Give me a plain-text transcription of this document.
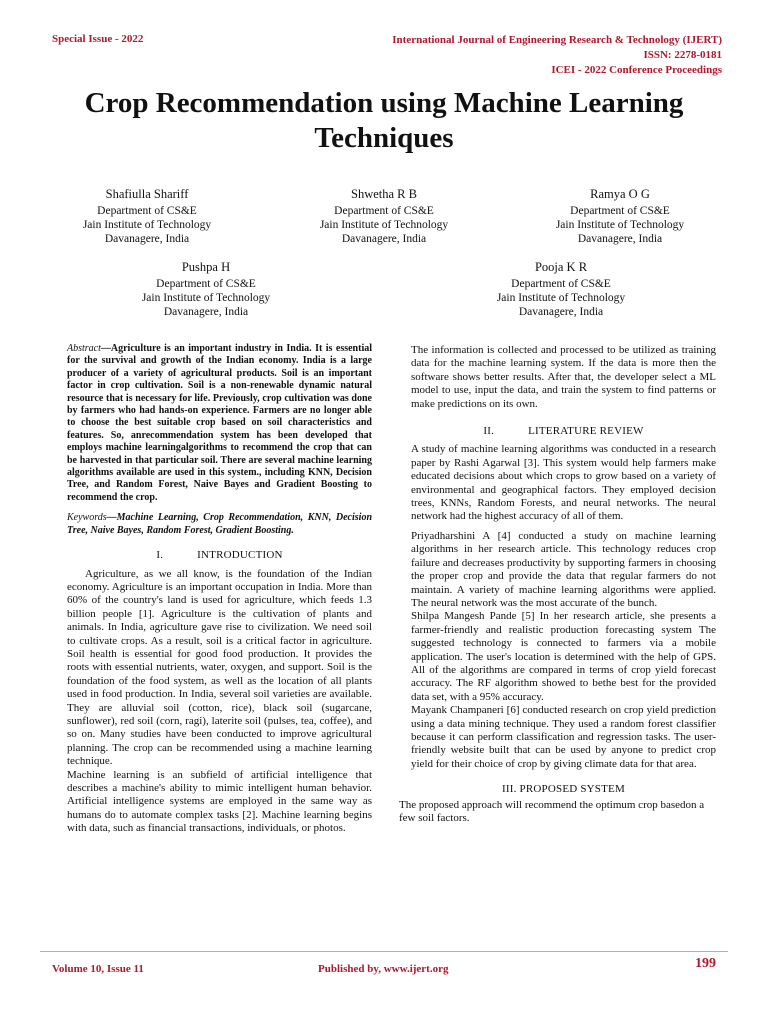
Special Issue - 2022	International Journal of Engineering Research & Technology (IJERT)
ISSN: 2278-0181
ICEI - 2022 Conference Proceedings
Crop Recommendation using Machine Learning Techniques
Shafiulla Shariff
Department of CS&E
Jain Institute of Technology
Davanagere, India
Shwetha R B
Department of CS&E
Jain Institute of Technology
Davanagere, India
Ramya O G
Department of CS&E
Jain Institute of Technology
Davanagere, India
Pushpa H
Department of CS&E
Jain Institute of Technology
Davanagere, India
Pooja K R
Department of CS&E
Jain Institute of Technology
Davanagere, India

Abstract—Agriculture is an important industry in India. It is essential for the survival and growth of the Indian economy. India is a large producer of a variety of agricultural products. Soil is an important factor in crop cultivation. Soil is a non-renewable dynamic natural resource that is necessary for life. Previously, crop cultivation was done by farmers who had hands-on experience. Farmers are no longer able to choose the best suitable crop based on soil characteristics and features. So, anrecommendation system has been developed that employs machine learningalgorithms to recommend the crop that can be harvested in that particular soil. There are several machine learning algorithms available are used in this system., including KNN, Decision Tree, and Random Forest, Naive Bayes and Gradient Boosting to recommend the crop.

Keywords—Machine Learning, Crop Recommendation, KNN, Decision Tree, Naive Bayes, Random Forest, Gradient Boosting.

I.	INTRODUCTION

Agriculture, as we all know, is the foundation of the Indian economy. Agriculture is an important occupation in India. More than 60% of the country's land is used for agriculture, which feeds 1.3 billion people [1]. Agriculture is the cultivation of plants and animals. In India, agriculture gave rise to civilization. We need soil to cultivate crops. As a result, soil is a critical factor in agriculture. Soil health is essential for good food production. It provides the roots with essential nutrients, water, oxygen, and support. Soil is the foundation of the food system, as well as the location of all plants used in food production. In India, several soil varieties are available. They are alluvial soil (cotton, rice), black soil (sugarcane, sunflower), red soil (corn, ragi), laterite soil (pulses, tea, coffee), and so on. Many studies have been conducted to improve agricultural planning. The crop can be recommended using a machine learning technique.

Machine learning is an subfield of artificial intelligence that describes a machine's ability to mimic intelligent human behavior. Artificial intelligence systems are employed in the same way as humans do to automate complex tasks [2]. Machine learning begins with data, such as financial transactions, individuals, or photos.

The information is collected and processed to be utilized as training data for the machine learning system. If the data is more then the software shows better results. After that, the developer select a ML model to use, input the data, and train the system to find patterns or make predictions on its own.

II.	LITERATURE REVIEW

A study of machine learning algorithms was conducted in a research paper by Rashi Agarwal [3]. This system would help farmers make educated decisions about which crops to grow based on a variety of environmental and geographical factors. They employed decision trees, KNNs, Random Forests, and neural networks. The neural network had the highest accuracy of all of them.

Priyadharshini A [4] conducted a study on machine learning algorithms in her research article. This technology reduces crop failure and decreases productivity by supporting farmers in choosing the proper crop and provide the data that regular farmers do not maintain. A variety of machine learning algorithms were applied. The neural network was the most accurate of the bunch.

Shilpa Mangesh Pande [5] In her research article, she presents a farmer-friendly and realistic production forecasting system The suggested technology is connected to farmers via a mobile application. The user's location is determined with the help of GPS. All of the algorithms are compared in terms of crop yield forecast accuracy. The RF algorithm showed to bethe best for the provided data set, with a 95% accuracy.

Mayank Champaneri [6] conducted research on crop yield prediction using a data mining technique. They used a random forest classifier because it can perform classification and regression tasks. The user-friendly website built that can be used by anyone to predict crop yield for their choice of crop by giving climate data for that area.

III. PROPOSED SYSTEM

The proposed approach will recommend the optimum crop basedon a few soil factors.

Volume 10, Issue 11	Published by, www.ijert.org	199
